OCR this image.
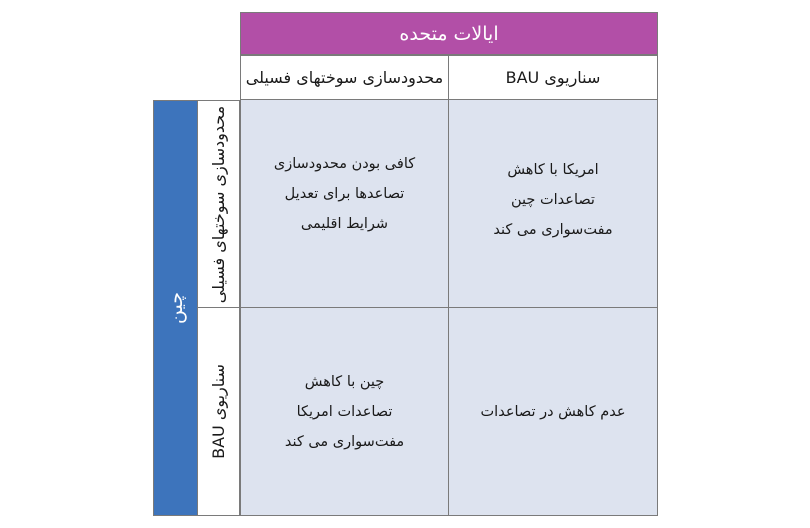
ایالات متحده
محدودسازی سوختهای فسیلی	سناریوی BAU
چین
محدودسازی سوختهای فسیلی
سناریوی BAU
کافی بودن محدودسازی
تصاعدها برای تعدیل
شرایط اقلیمی
امریکا با کاهش
تصاعدات چین
مفت‌سواری می کند
چین با کاهش
تصاعدات امریکا
مفت‌سواری می کند
عدم کاهش در تصاعدات
